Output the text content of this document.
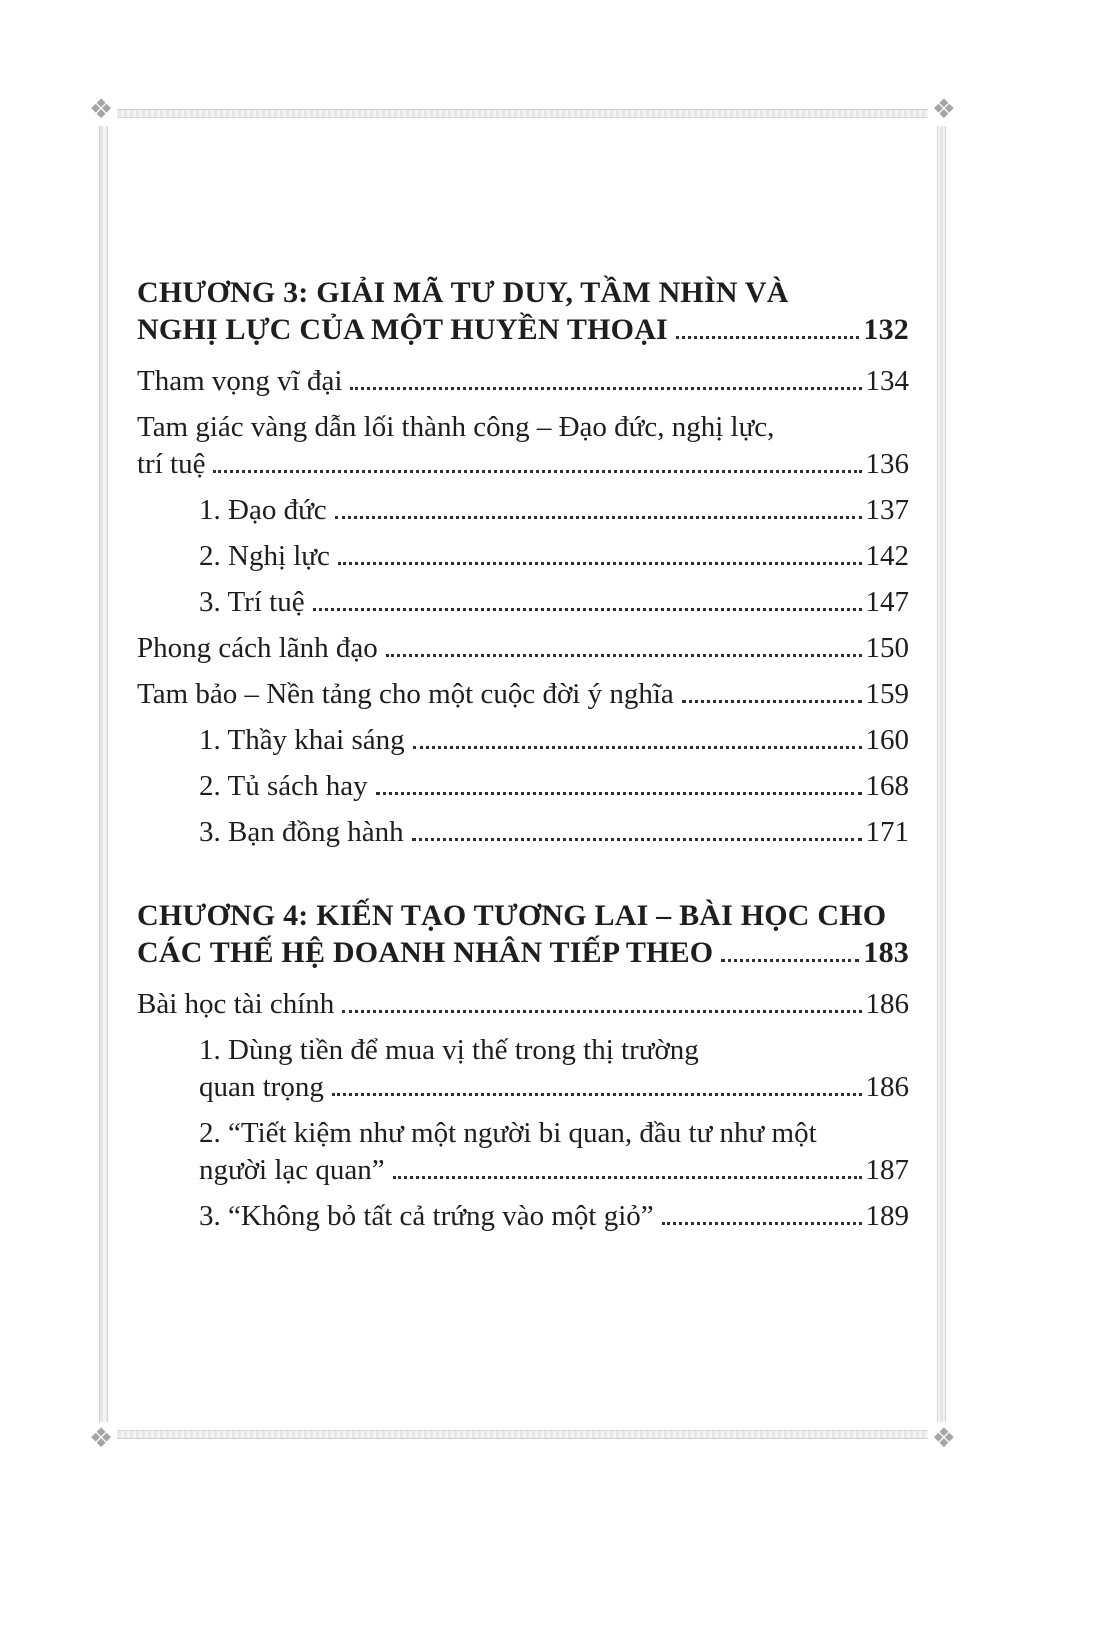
❖	❖
❖	❖
CHƯƠNG 3: GIẢI MÃ TƯ DUY, TẦM NHÌN VÀ
NGHỊ LỰC CỦA MỘT HUYỀN THOẠI	132
Tham vọng vĩ đại	134
Tam giác vàng dẫn lối thành công – Đạo đức, nghị lực,
trí tuệ	136
1. Đạo đức	137
2. Nghị lực	142
3. Trí tuệ	147
Phong cách lãnh đạo	150
Tam bảo – Nền tảng cho một cuộc đời ý nghĩa	159
1. Thầy khai sáng	160
2. Tủ sách hay	168
3. Bạn đồng hành	171
CHƯƠNG 4: KIẾN TẠO TƯƠNG LAI – BÀI HỌC CHO
CÁC THẾ HỆ DOANH NHÂN TIẾP THEO	183
Bài học tài chính	186
1. Dùng tiền để mua vị thế trong thị trường
quan trọng	186
2. “Tiết kiệm như một người bi quan, đầu tư như một
người lạc quan”	187
3. “Không bỏ tất cả trứng vào một giỏ”	189
